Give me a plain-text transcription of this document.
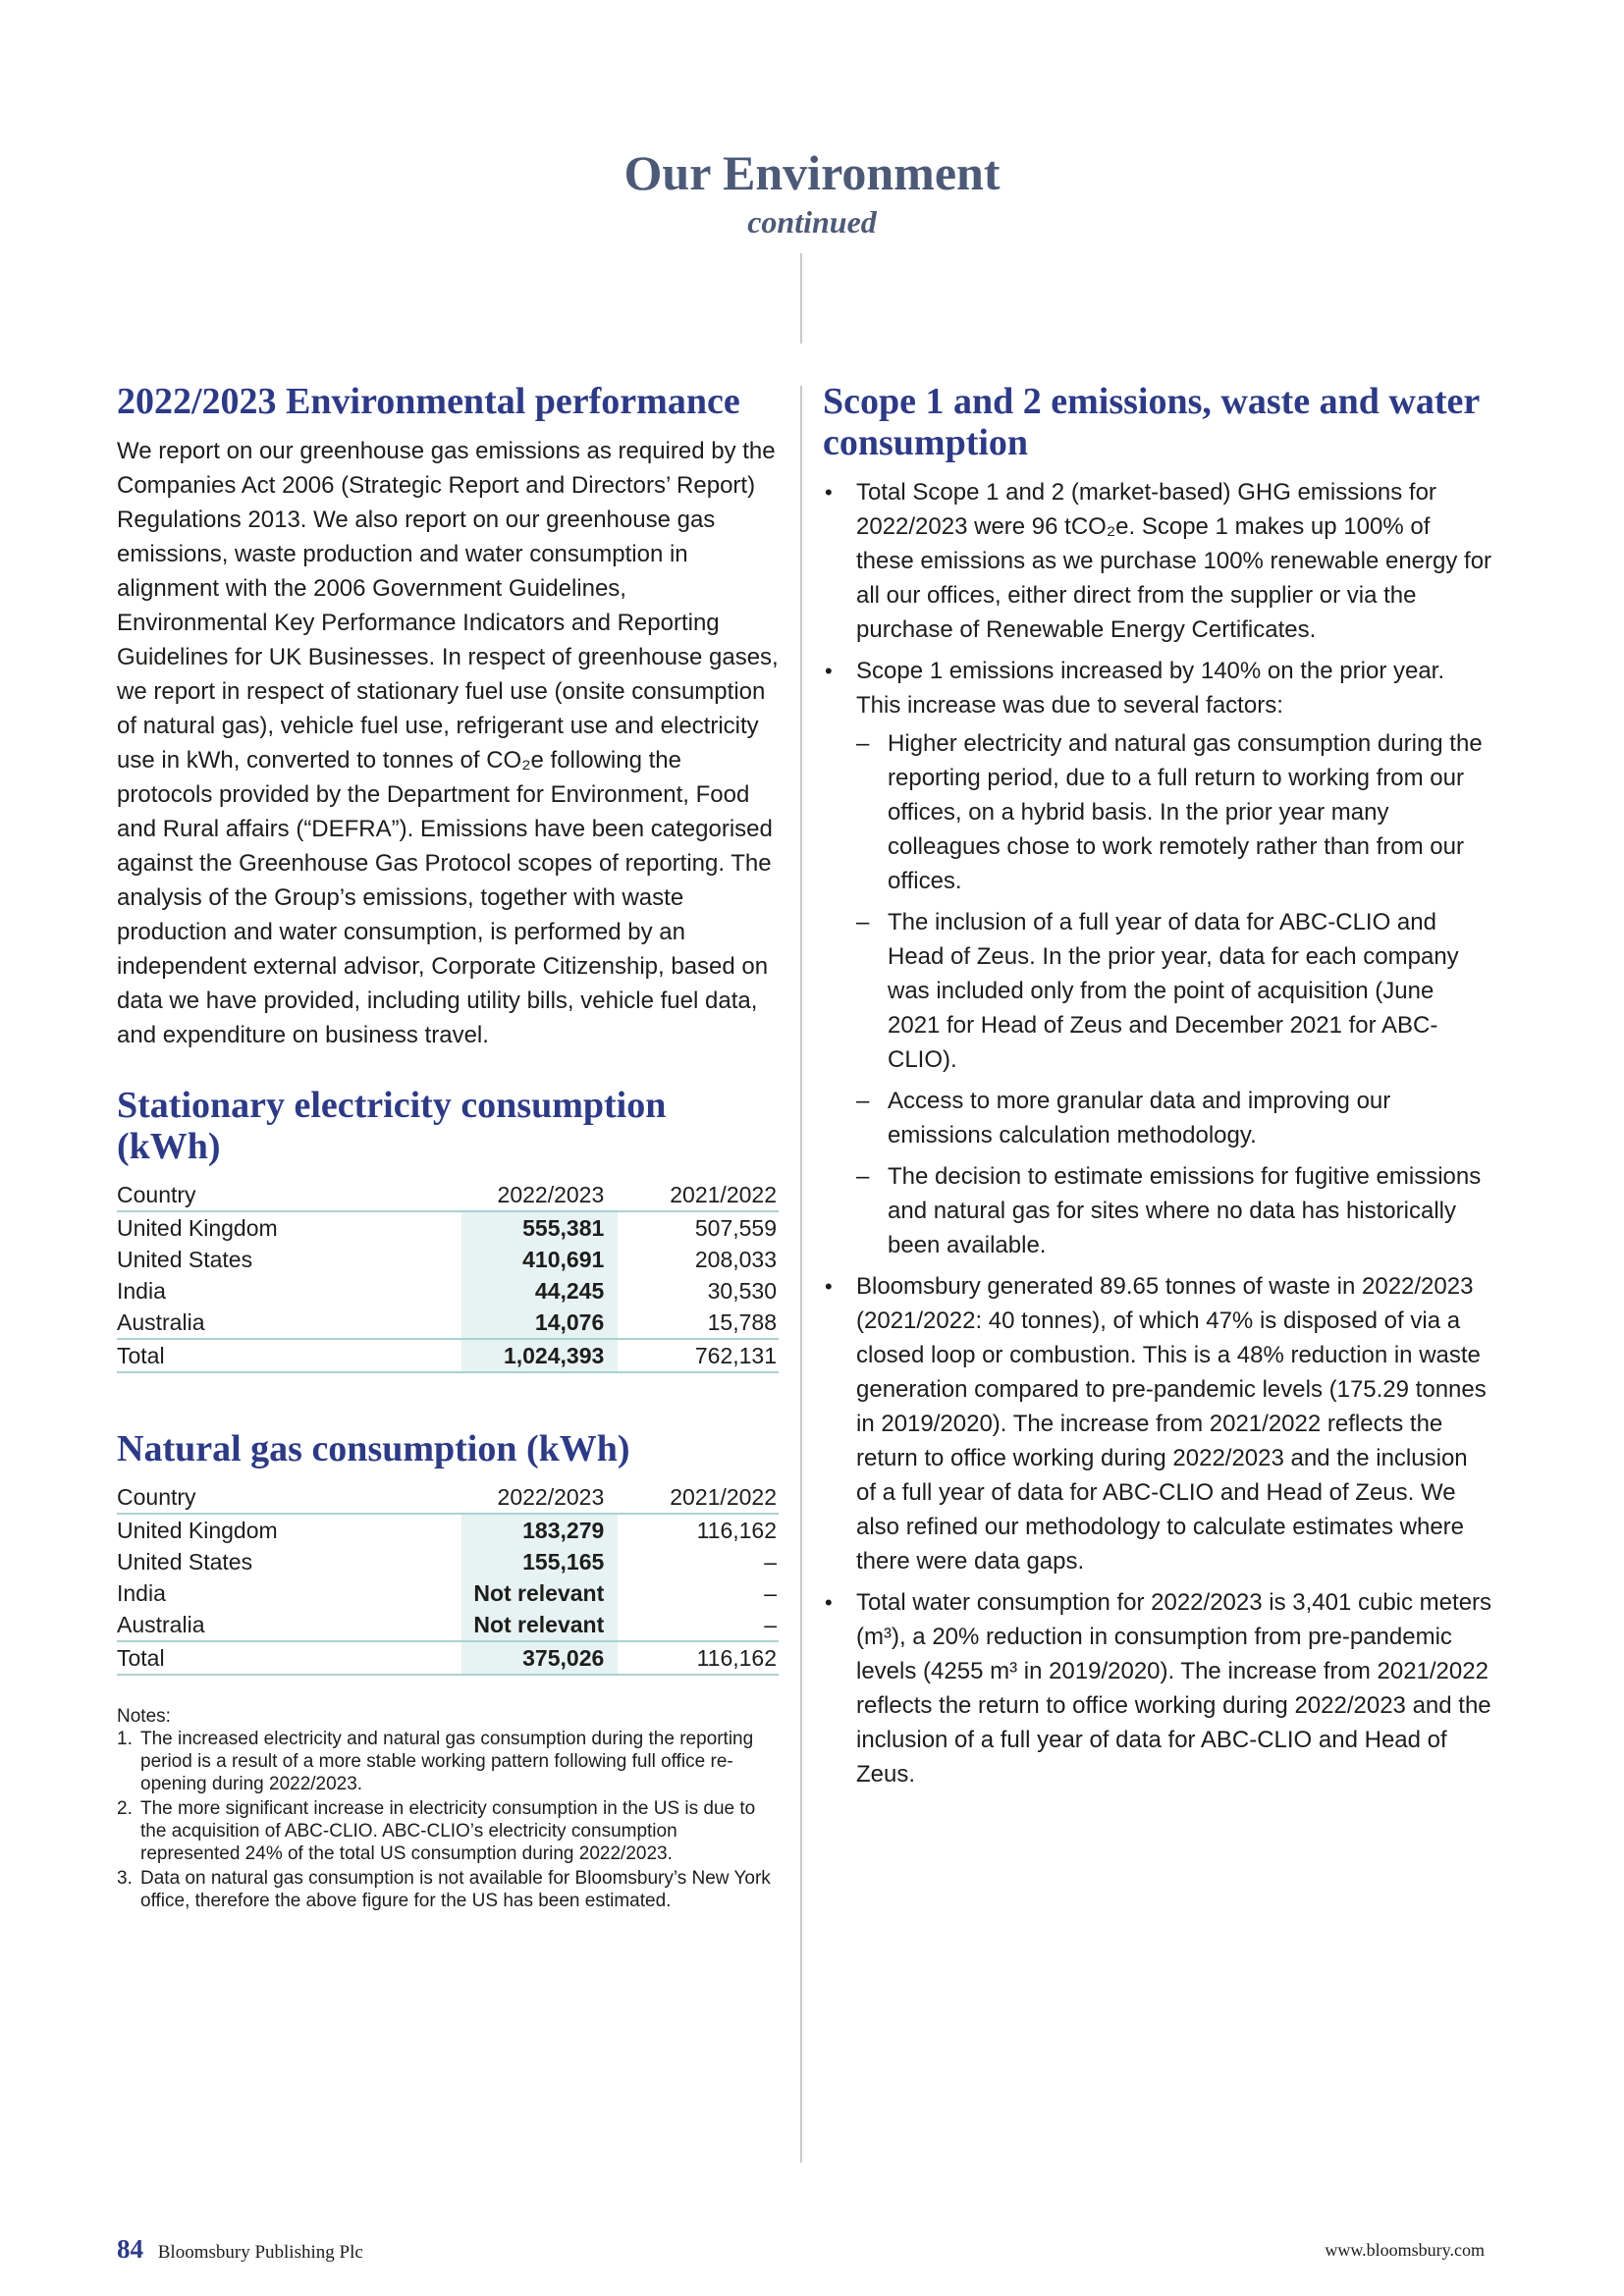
Our Environment
continued
2022/2023 Environmental performance

We report on our greenhouse gas emissions as required by the Companies Act 2006 (Strategic Report and Directors’ Report) Regulations 2013. We also report on our greenhouse gas emissions, waste production and water consumption in alignment with the 2006 Government Guidelines, Environmental Key Performance Indicators and Reporting Guidelines for UK Businesses. In respect of greenhouse gases, we report in respect of stationary fuel use (onsite consumption of natural gas), vehicle fuel use, refrigerant use and electricity use in kWh, converted to tonnes of CO₂e following the protocols provided by the Department for Environment, Food and Rural affairs (“DEFRA”). Emissions have been categorised against the Greenhouse Gas Protocol scopes of reporting. The analysis of the Group’s emissions, together with waste production and water consumption, is performed by an independent external advisor, Corporate Citizenship, based on data we have provided, including utility bills, vehicle fuel data, and expenditure on business travel.

Stationary electricity consumption (kWh)
Country	2022/2023	2021/2022
United Kingdom	555,381	507,559
United States	410,691	208,033
India	44,245	30,530
Australia	14,076	15,788
Total	1,024,393	762,131
Natural gas consumption (kWh)
Country	2022/2023	2021/2022
United Kingdom	183,279	116,162
United States	155,165	–
India	Not relevant	–
Australia	Not relevant	–
Total	375,026	116,162
Notes:
1. The increased electricity and natural gas consumption during the reporting period is a result of a more stable working pattern following full office re-opening during 2022/2023.
2. The more significant increase in electricity consumption in the US is due to the acquisition of ABC-CLIO. ABC-CLIO’s electricity consumption represented 24% of the total US consumption during 2022/2023.
3. Data on natural gas consumption is not available for Bloomsbury’s New York office, therefore the above figure for the US has been estimated.
Scope 1 and 2 emissions, waste and water consumption
• Total Scope 1 and 2 (market-based) GHG emissions for 2022/2023 were 96 tCO₂e. Scope 1 makes up 100% of these emissions as we purchase 100% renewable energy for all our offices, either direct from the supplier or via the purchase of Renewable Energy Certificates.
• Scope 1 emissions increased by 140% on the prior year. This increase was due to several factors:
– Higher electricity and natural gas consumption during the reporting period, due to a full return to working from our offices, on a hybrid basis. In the prior year many colleagues chose to work remotely rather than from our offices.
– The inclusion of a full year of data for ABC-CLIO and Head of Zeus. In the prior year, data for each company was included only from the point of acquisition (June 2021 for Head of Zeus and December 2021 for ABC-CLIO).
– Access to more granular data and improving our emissions calculation methodology.
– The decision to estimate emissions for fugitive emissions and natural gas for sites where no data has historically been available.
• Bloomsbury generated 89.65 tonnes of waste in 2022/2023 (2021/2022: 40 tonnes), of which 47% is disposed of via a closed loop or combustion. This is a 48% reduction in waste generation compared to pre-pandemic levels (175.29 tonnes in 2019/2020). The increase from 2021/2022 reflects the return to office working during 2022/2023 and the inclusion of a full year of data for ABC-CLIO and Head of Zeus. We also refined our methodology to calculate estimates where there were data gaps.
• Total water consumption for 2022/2023 is 3,401 cubic meters (m³), a 20% reduction in consumption from pre-pandemic levels (4255 m³ in 2019/2020). The increase from 2021/2022 reflects the return to office working during 2022/2023 and the inclusion of a full year of data for ABC-CLIO and Head of Zeus.
84 Bloomsbury Publishing Plc	www.bloomsbury.com
